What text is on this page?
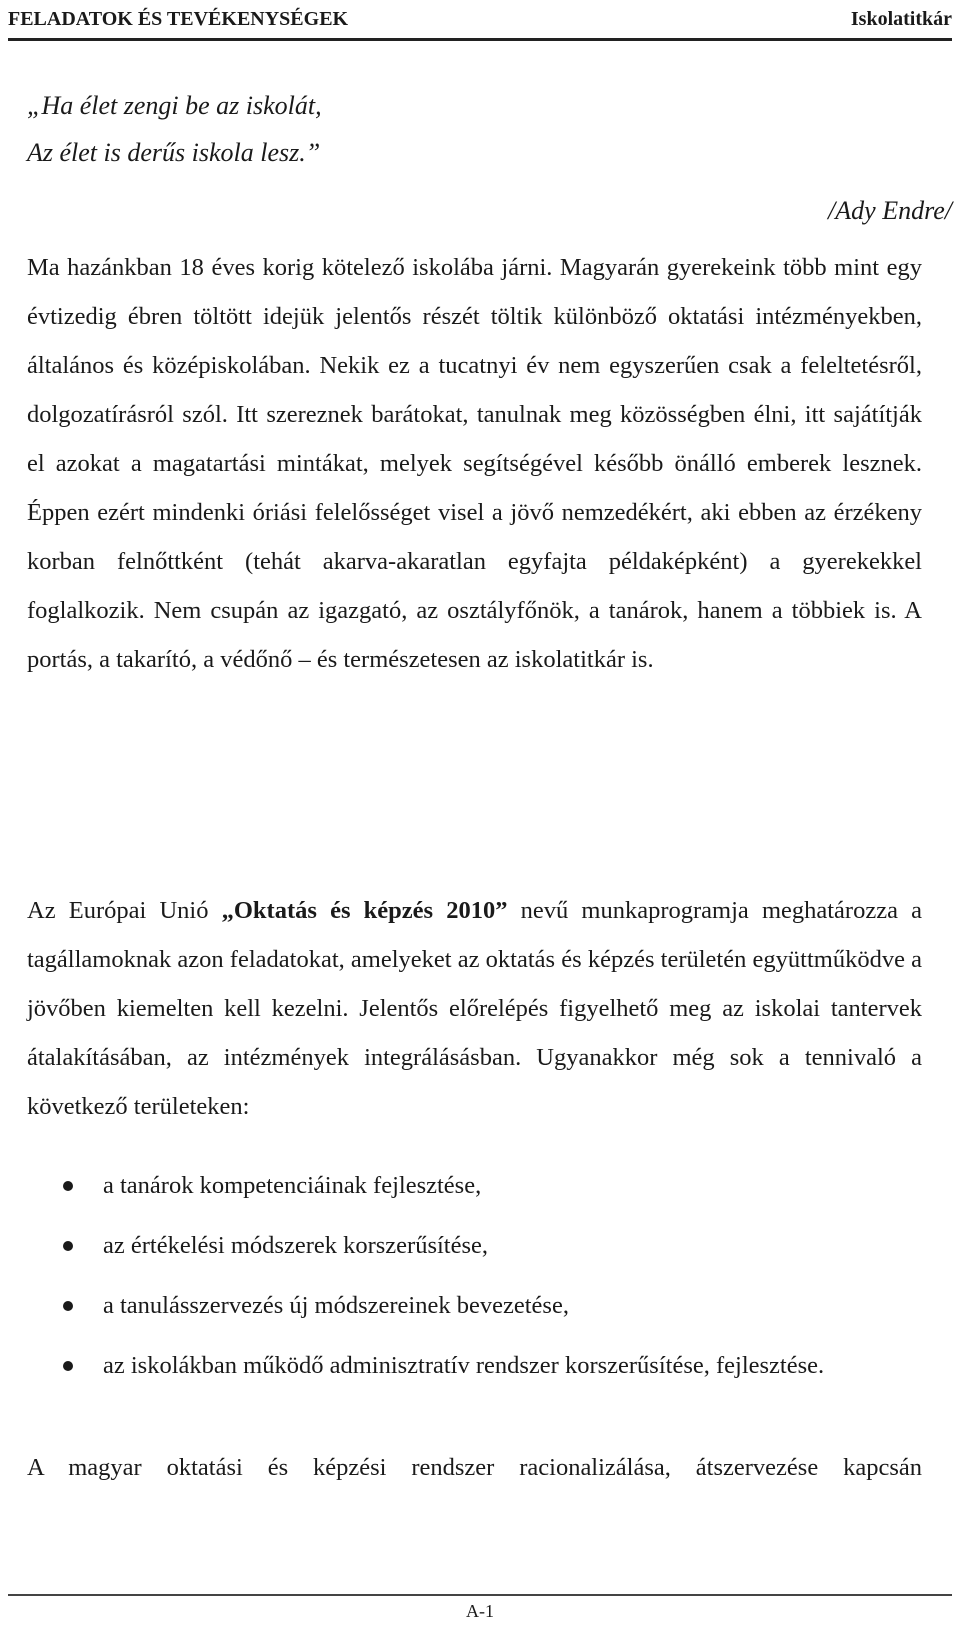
FELADATOK ÉS TEVÉKENYSÉGEK	Iskolatitkár
„Ha élet zengi be az iskolát,
Az élet is derűs iskola lesz.”
/Ady Endre/

Ma hazánkban 18 éves korig kötelező iskolába járni. Magyarán gyerekeink több mint egy évtizedig ébren töltött idejük jelentős részét töltik különböző oktatási intézményekben, általános és középiskolában. Nekik ez a tucatnyi év nem egyszerűen csak a feleltetésről, dolgozatírásról szól. Itt szereznek barátokat, tanulnak meg közösségben élni, itt sajátítják el azokat a magatartási mintákat, melyek segítségével később önálló emberek lesznek. Éppen ezért mindenki óriási felelősséget visel a jövő nemzedékért, aki ebben az érzékeny korban felnőttként (tehát akarva-akaratlan egyfajta példaképként) a gyerekekkel foglalkozik. Nem csupán az igazgató, az osztályfőnök, a tanárok, hanem a többiek is. A portás, a takarító, a védőnő – és természetesen az iskolatitkár is.

Az Európai Unió „Oktatás és képzés 2010” nevű munkaprogramja meghatározza a tagállamoknak azon feladatokat, amelyeket az oktatás és képzés területén együttműködve a jövőben kiemelten kell kezelni. Jelentős előrelépés figyelhető meg az iskolai tantervek átalakításában, az intézmények integrálásásban. Ugyanakkor még sok a tennivaló a következő területeken:

a tanárok kompetenciáinak fejlesztése,
az értékelési módszerek korszerűsítése,
a tanulásszervezés új módszereinek bevezetése,
az iskolákban működő adminisztratív rendszer korszerűsítése, fejlesztése.

A magyar oktatási és képzési rendszer racionalizálása, átszervezése kapcsán

A-1
